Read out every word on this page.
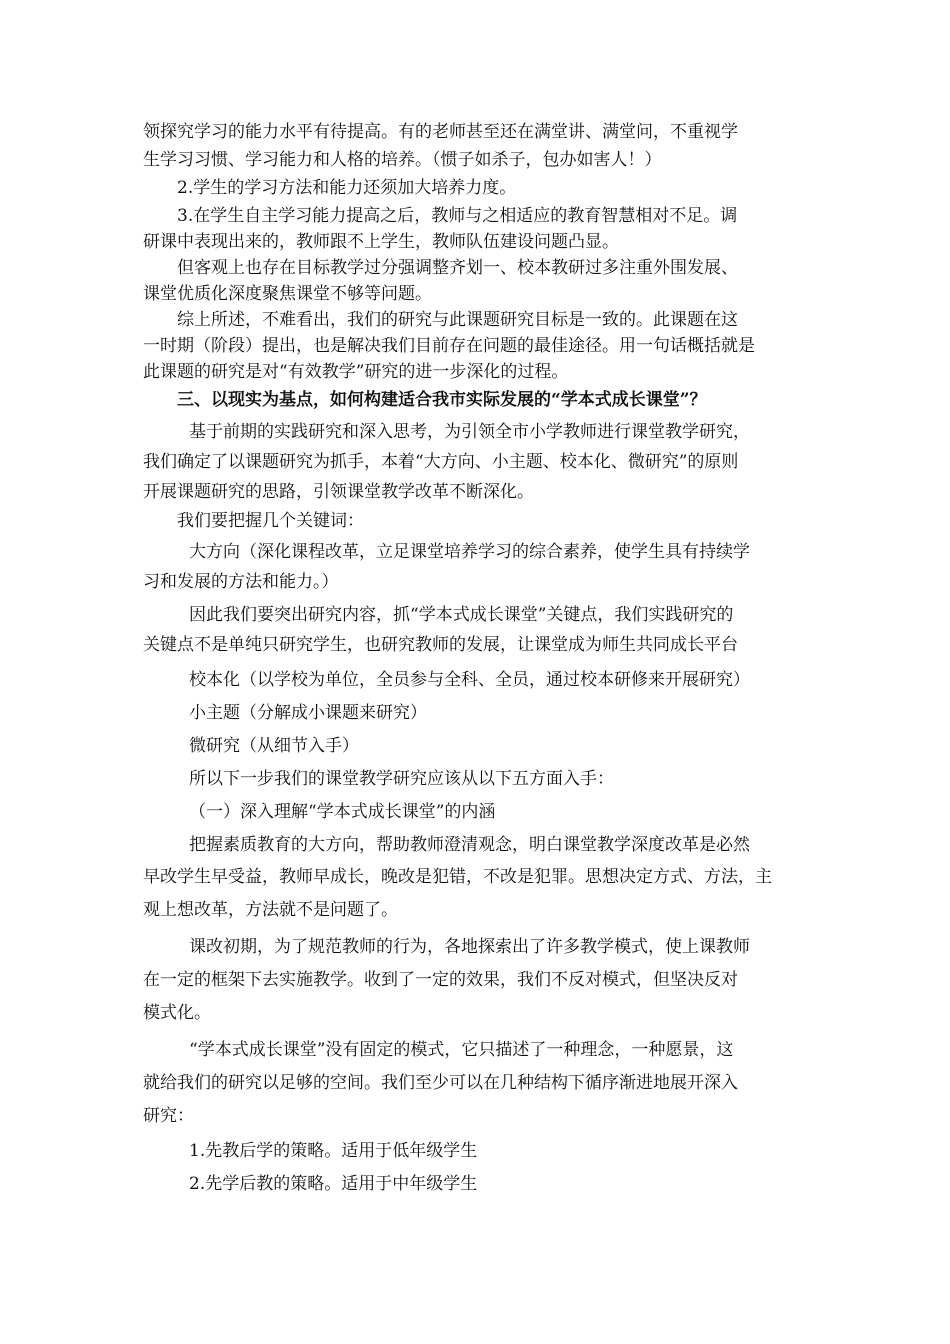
领探究学习的能力水平有待提高。有的老师甚至还在满堂讲、满堂问，不重视学
生学习习惯、学习能力和人格的培养。（惯子如杀子，包办如害人！）
2.学生的学习方法和能力还须加大培养力度。
3.在学生自主学习能力提高之后，教师与之相适应的教育智慧相对不足。调
研课中表现出来的，教师跟不上学生，教师队伍建设问题凸显。
但客观上也存在目标教学过分强调整齐划一、校本教研过多注重外围发展、
课堂优质化深度聚焦课堂不够等问题。
综上所述，不难看出，我们的研究与此课题研究目标是一致的。此课题在这
一时期（阶段）提出，也是解决我们目前存在问题的最佳途径。用一句话概括就是
此课题的研究是对“有效教学”研究的进一步深化的过程。
三、以现实为基点，如何构建适合我市实际发展的“学本式成长课堂”？
基于前期的实践研究和深入思考，为引领全市小学教师进行课堂教学研究，
我们确定了以课题研究为抓手，本着“大方向、小主题、校本化、微研究”的原则
开展课题研究的思路，引领课堂教学改革不断深化。
我们要把握几个关键词：
大方向（深化课程改革，立足课堂培养学习的综合素养，使学生具有持续学
习和发展的方法和能力。）
因此我们要突出研究内容，抓“学本式成长课堂”关键点，我们实践研究的
关键点不是单纯只研究学生，也研究教师的发展，让课堂成为师生共同成长平台
校本化（以学校为单位，全员参与全科、全员，通过校本研修来开展研究）
小主题（分解成小课题来研究）
微研究（从细节入手）
所以下一步我们的课堂教学研究应该从以下五方面入手：
（一）深入理解“学本式成长课堂”的内涵
把握素质教育的大方向，帮助教师澄清观念，明白课堂教学深度改革是必然
早改学生早受益，教师早成长，晚改是犯错，不改是犯罪。思想决定方式、方法，主
观上想改革，方法就不是问题了。
课改初期，为了规范教师的行为，各地探索出了许多教学模式，使上课教师
在一定的框架下去实施教学。收到了一定的效果，我们不反对模式，但坚决反对
模式化。
“学本式成长课堂”没有固定的模式，它只描述了一种理念，一种愿景，这
就给我们的研究以足够的空间。我们至少可以在几种结构下循序渐进地展开深入
研究：
1.先教后学的策略。适用于低年级学生
2.先学后教的策略。适用于中年级学生
